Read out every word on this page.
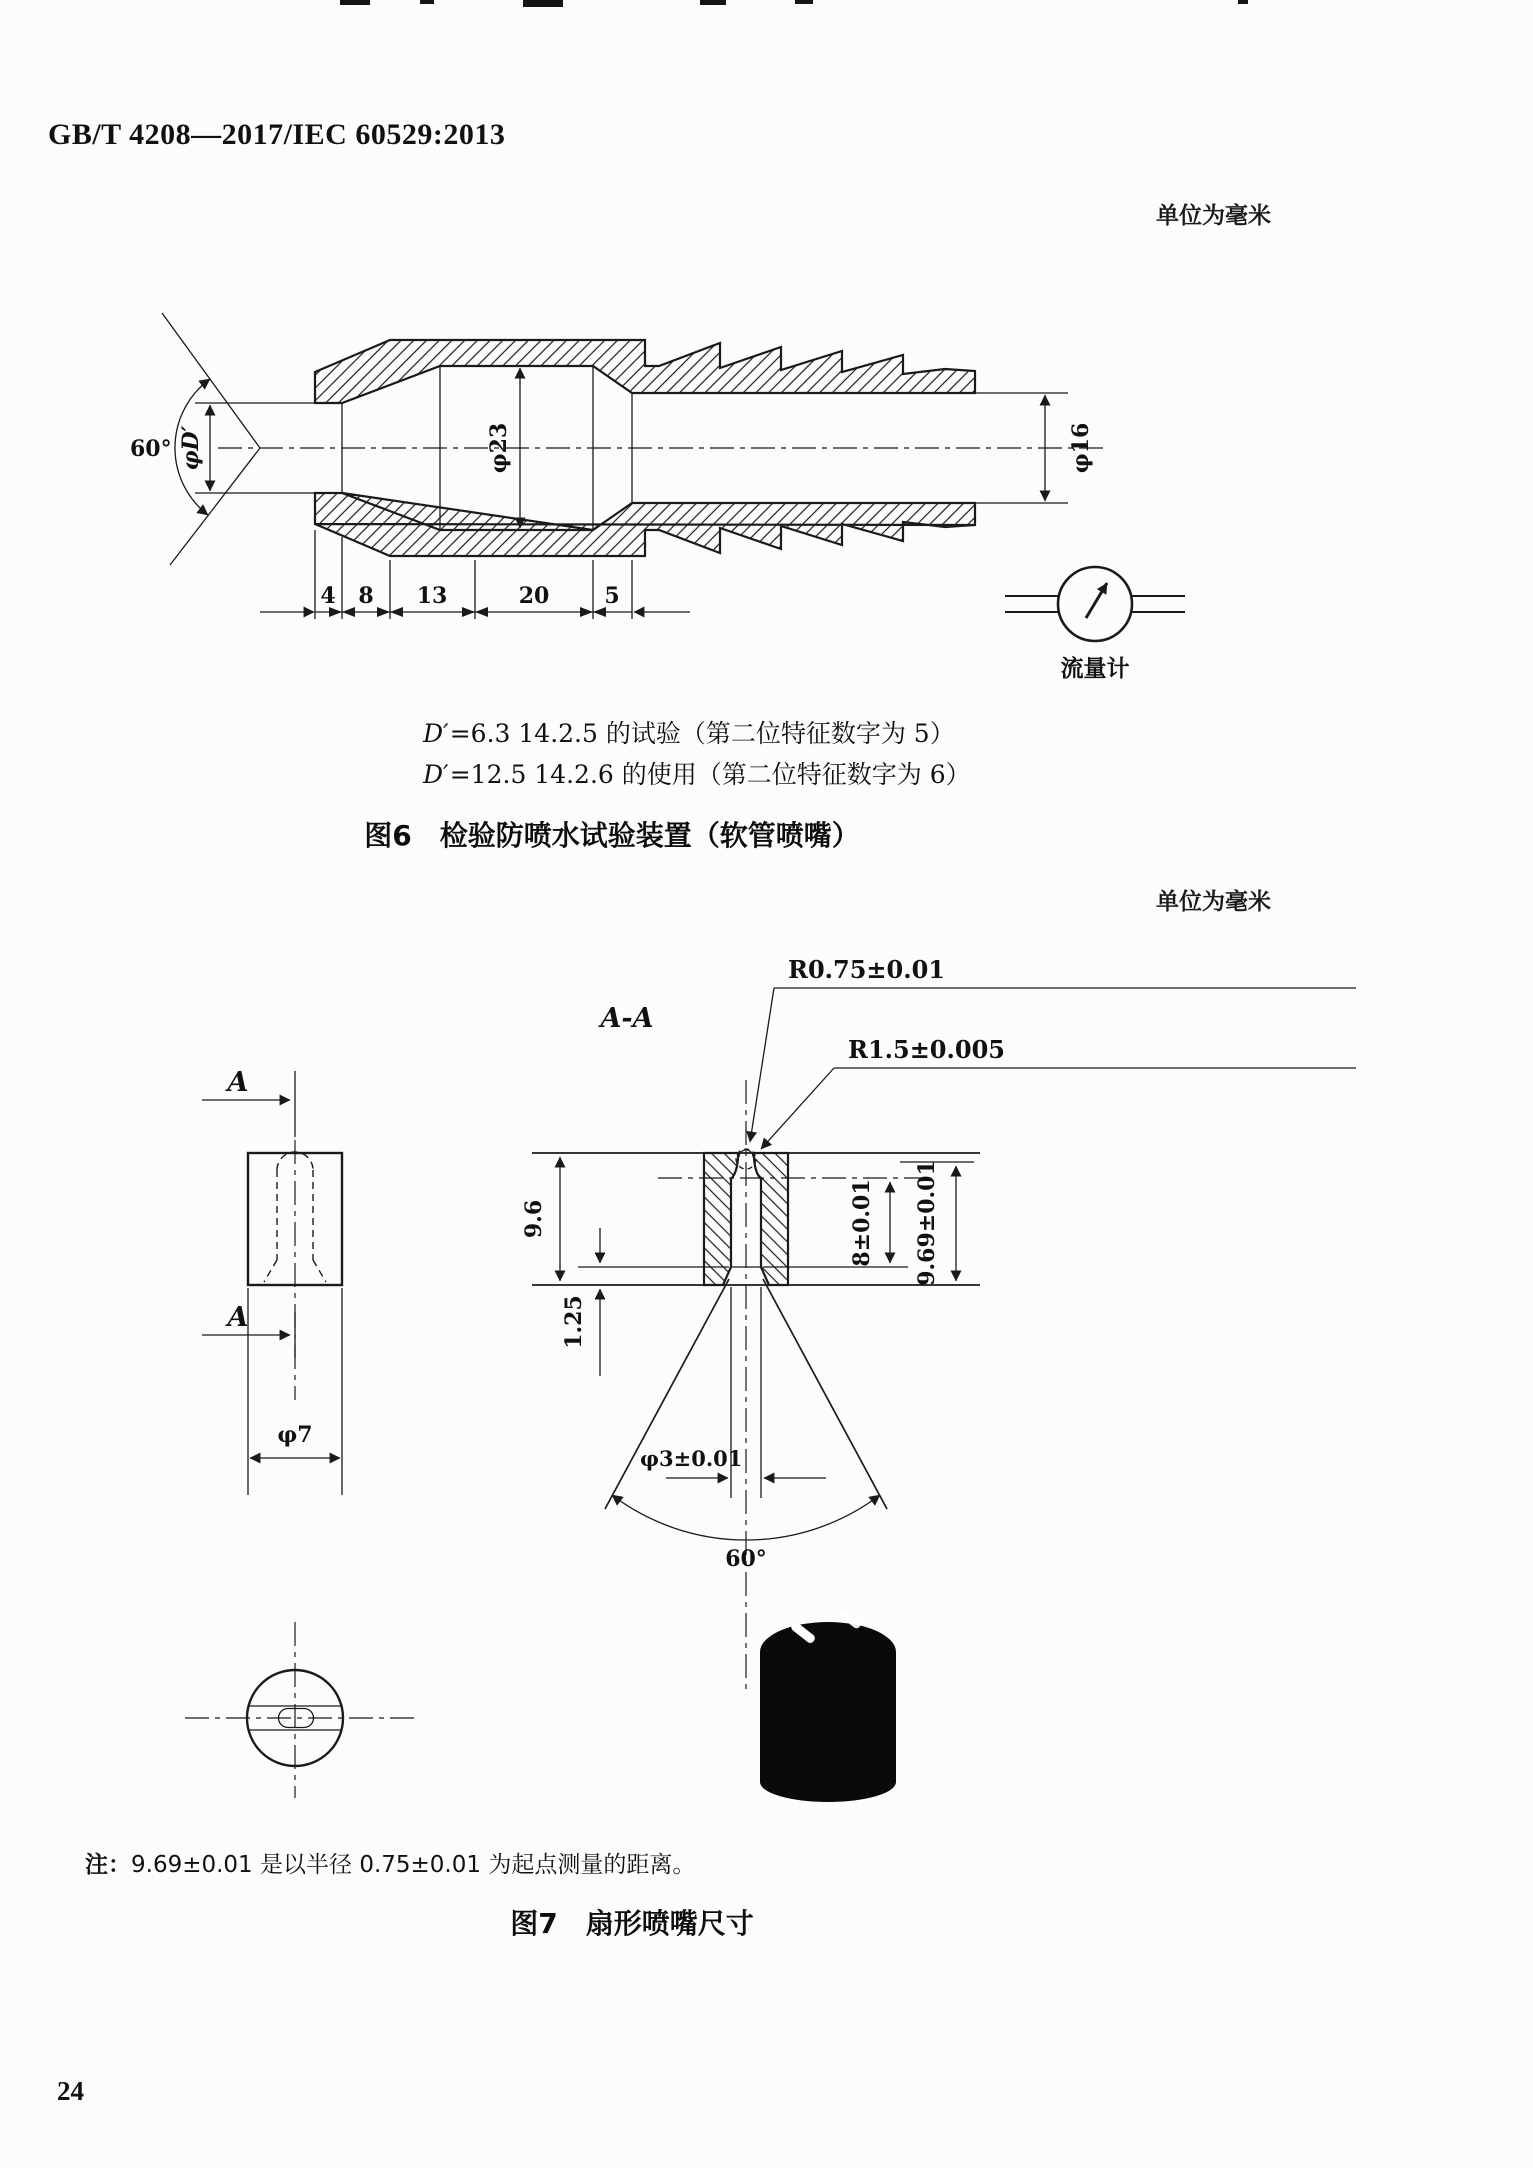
GB/T 4208—2017/IEC 60529:2013
单位为毫米
60° φD′	φ23	φ16
4 8 13	20	5
流量计
D′=6.3 14.2.5 的试验（第二位特征数字为 5）
D′=12.5 14.2.6 的使用（第二位特征数字为 6）
图6　检验防喷水试验装置（软管喷嘴）
单位为毫米
A
A
φ7
A-A
60°
R0.75±0.01
R1.5±0.005
9.6
1.25
8±0.01 9.69±0.01
φ3±0.01
注：9.69±0.01 是以半径 0.75±0.01 为起点测量的距离。
图7　扇形喷嘴尺寸
24
